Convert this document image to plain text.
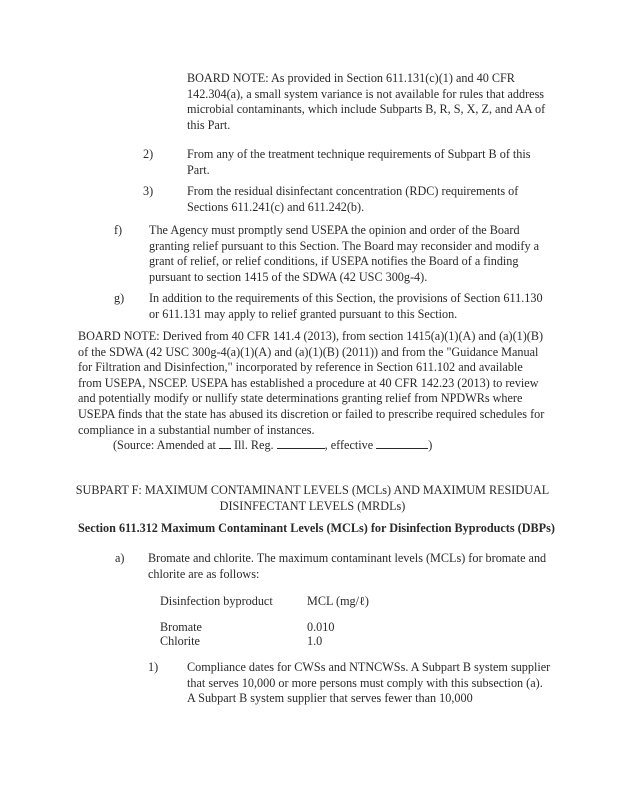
BOARD NOTE: As provided in Section 611.131(c)(1) and 40 CFR 142.304(a), a small system variance is not available for rules that address microbial contaminants, which include Subparts B, R, S, X, Z, and AA of this Part.

2)	From any of the treatment technique requirements of Subpart B of this Part.

3)	From the residual disinfectant concentration (RDC) requirements of Sections 611.241(c) and 611.242(b).

f) The Agency must promptly send USEPA the opinion and order of the Board granting relief pursuant to this Section. The Board may reconsider and modify a grant of relief, or relief conditions, if USEPA notifies the Board of a finding pursuant to section 1415 of the SDWA (42 USC 300g-4).

g) In addition to the requirements of this Section, the provisions of Section 611.130 or 611.131 may apply to relief granted pursuant to this Section.

BOARD NOTE: Derived from 40 CFR 141.4 (2013), from section 1415(a)(1)(A) and (a)(1)(B) of the SDWA (42 USC 300g-4(a)(1)(A) and (a)(1)(B) (2011)) and from the "Guidance Manual for Filtration and Disinfection," incorporated by reference in Section 611.102 and available from USEPA, NSCEP. USEPA has established a procedure at 40 CFR 142.23 (2013) to review and potentially modify or nullify state determinations granting relief from NPDWRs where USEPA finds that the state has abused its discretion or failed to prescribe required schedules for compliance in a substantial number of instances.

(Source: Amended at Ill. Reg.	, effective	)

SUBPART F: MAXIMUM CONTAMINANT LEVELS (MCLs) AND MAXIMUM RESIDUAL DISINFECTANT LEVELS (MRDLs)

Section 611.312 Maximum Contaminant Levels (MCLs) for Disinfection Byproducts (DBPs)

a) Bromate and chlorite. The maximum contaminant levels (MCLs) for bromate and chlorite are as follows:

Disinfection byproduct	MCL (mg/ℓ)
Bromate	0.010
Chlorite	1.0
1) Compliance dates for CWSs and NTNCWSs. A Subpart B system supplier that serves 10,000 or more persons must comply with this subsection (a). A Subpart B system supplier that serves fewer than 10,000
